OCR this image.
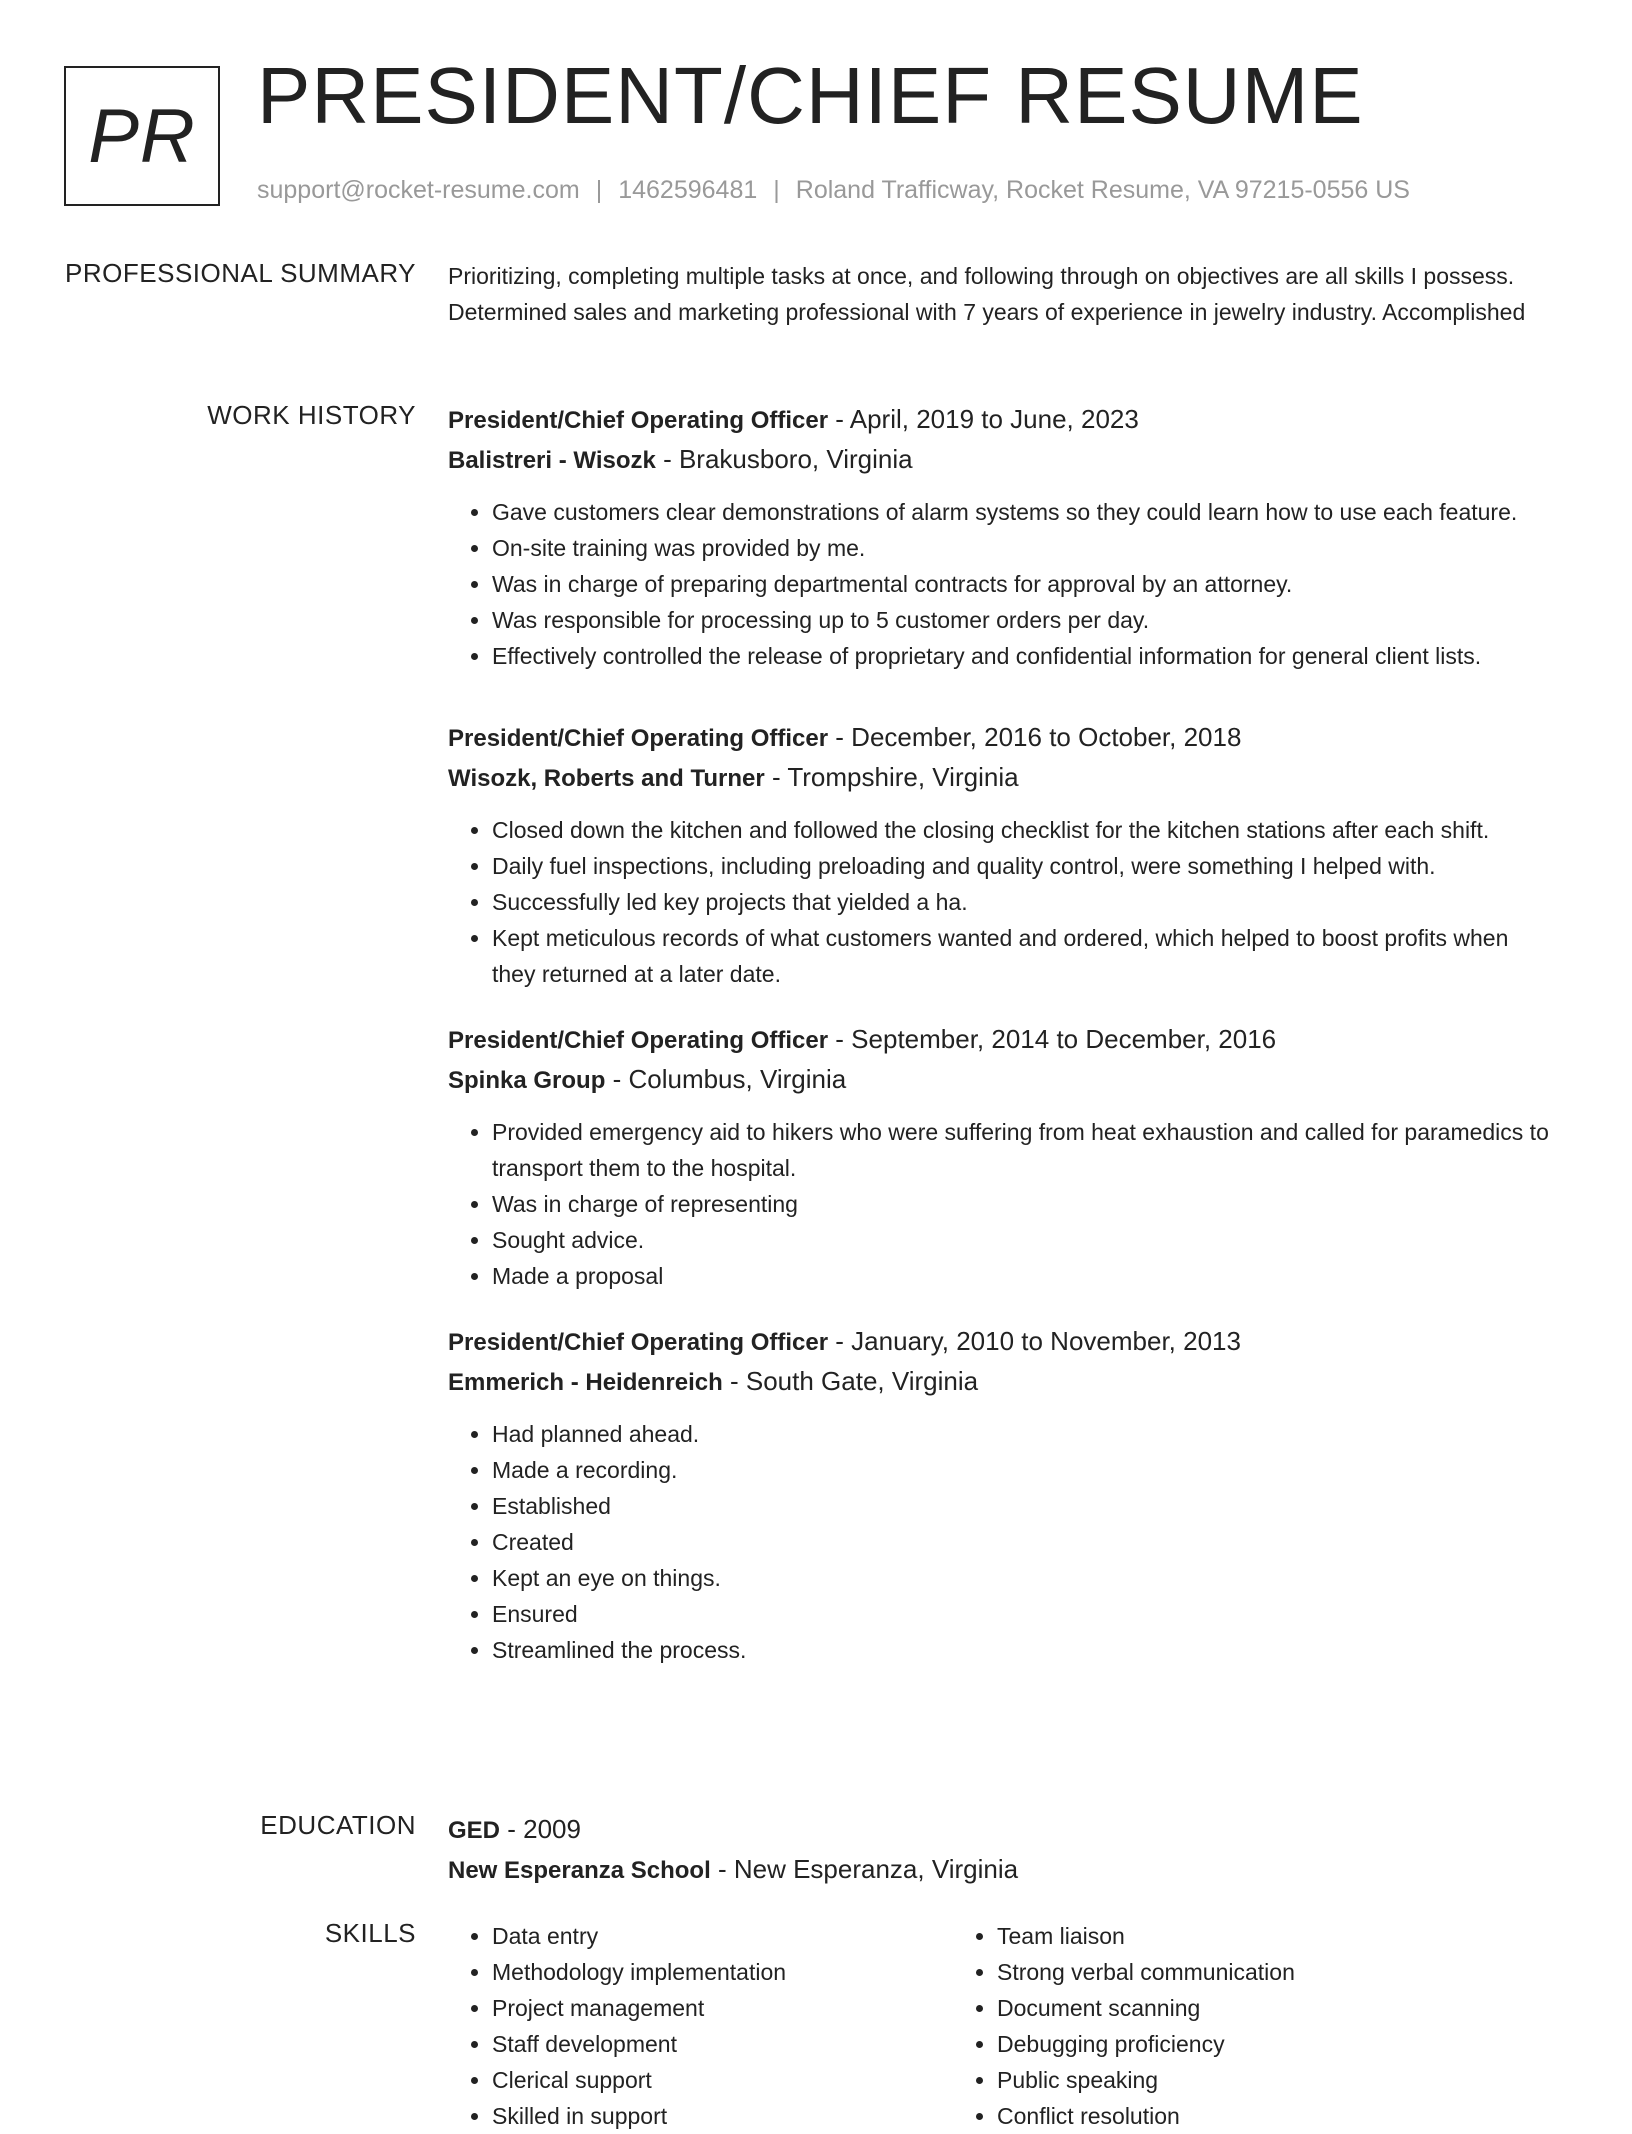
PR PRESIDENT/CHIEF RESUME
support@rocket-resume.com | 1462596481 | Roland Trafficway, Rocket Resume, VA 97215-0556 US
PROFESSIONAL SUMMARY Prioritizing, completing multiple tasks at once, and following through on objectives are all skills I possess. Determined sales and marketing professional with 7 years of experience in jewelry industry. Accomplished
WORK HISTORY President/Chief Operating Officer - April, 2019 to June, 2023
Balistreri - Wisozk - Brakusboro, Virginia
• Gave customers clear demonstrations of alarm systems so they could learn how to use each feature.
• On-site training was provided by me.
• Was in charge of preparing departmental contracts for approval by an attorney.
• Was responsible for processing up to 5 customer orders per day.
• Effectively controlled the release of proprietary and confidential information for general client lists.
President/Chief Operating Officer - December, 2016 to October, 2018
Wisozk, Roberts and Turner - Trompshire, Virginia
• Closed down the kitchen and followed the closing checklist for the kitchen stations after each shift.
• Daily fuel inspections, including preloading and quality control, were something I helped with.
• Successfully led key projects that yielded a ha.
• Kept meticulous records of what customers wanted and ordered, which helped to boost profits when they returned at a later date.
President/Chief Operating Officer - September, 2014 to December, 2016
Spinka Group - Columbus, Virginia
• Provided emergency aid to hikers who were suffering from heat exhaustion and called for paramedics to transport them to the hospital.
• Was in charge of representing
• Sought advice.
• Made a proposal
President/Chief Operating Officer - January, 2010 to November, 2013
Emmerich - Heidenreich - South Gate, Virginia
• Had planned ahead.
• Made a recording.
• Established
• Created
• Kept an eye on things.
• Ensured
• Streamlined the process.
EDUCATION GED - 2009
New Esperanza School - New Esperanza, Virginia
SKILLS
•	Data entry
• Methodology implementation
• Project management
• Staff development
• Clerical support
• Skilled in support
• Team liaison
• Strong verbal communication
• Document scanning
• Debugging proficiency
• Public speaking
• Conflict resolution
